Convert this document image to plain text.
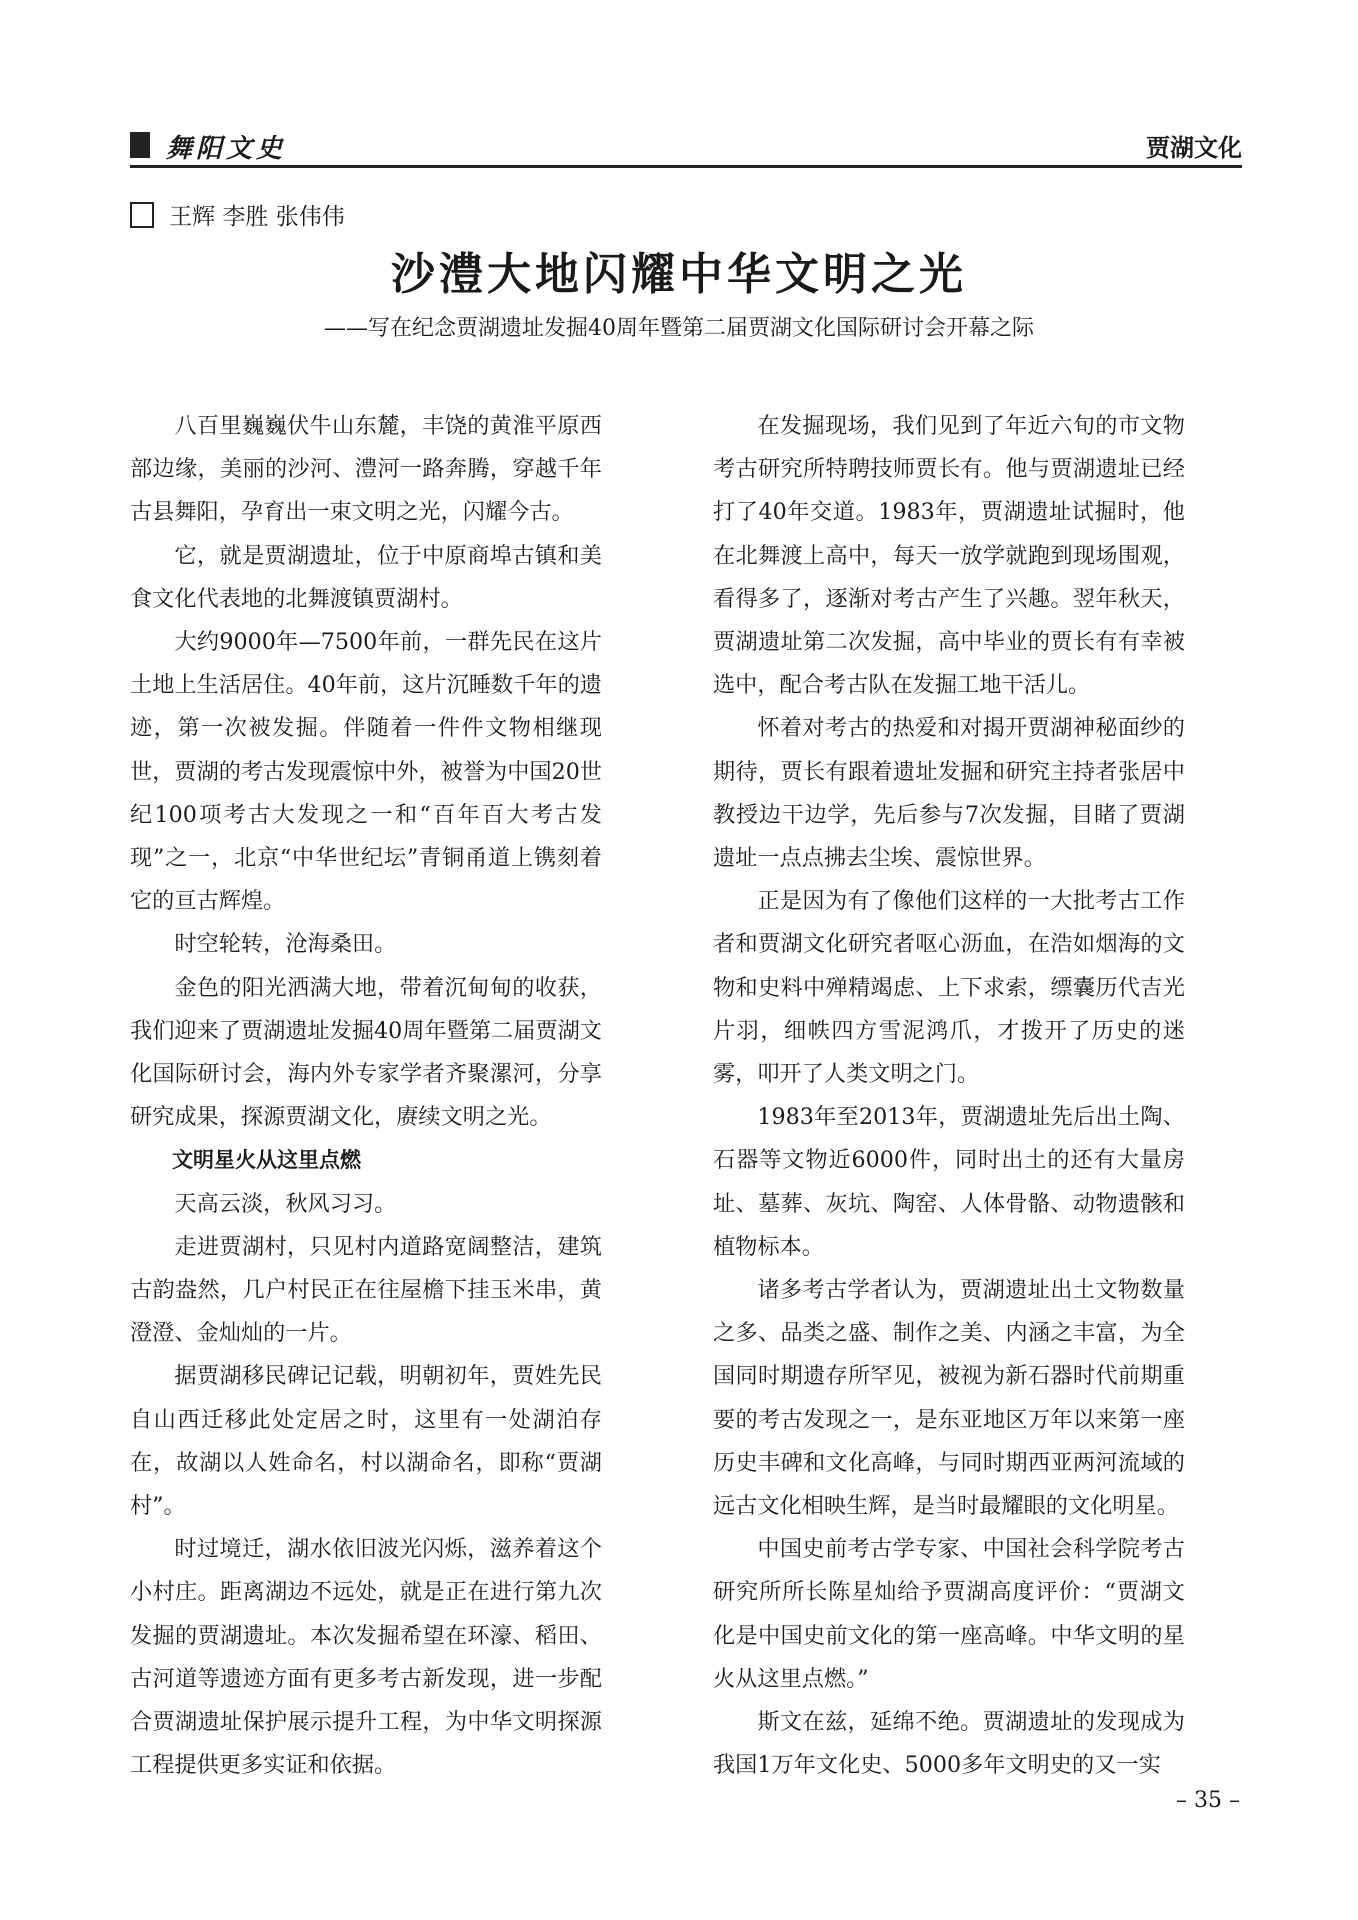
舞阳文史	贾湖文化
王辉 李胜 张伟伟
沙澧大地闪耀中华文明之光
——写在纪念贾湖遗址发掘40周年暨第二届贾湖文化国际研讨会开幕之际

八百里巍巍伏牛山东麓，丰饶的黄淮平原西部边缘，美丽的沙河、澧河一路奔腾，穿越千年古县舞阳，孕育出一束文明之光，闪耀今古。

它，就是贾湖遗址，位于中原商埠古镇和美食文化代表地的北舞渡镇贾湖村。

大约9000年—7500年前，一群先民在这片土地上生活居住。40年前，这片沉睡数千年的遗迹，第一次被发掘。伴随着一件件文物相继现世，贾湖的考古发现震惊中外，被誉为中国20世纪100项考古大发现之一和“百年百大考古发现”之一，北京“中华世纪坛”青铜甬道上镌刻着它的亘古辉煌。

时空轮转，沧海桑田。

金色的阳光洒满大地，带着沉甸甸的收获，我们迎来了贾湖遗址发掘40周年暨第二届贾湖文化国际研讨会，海内外专家学者齐聚漯河，分享研究成果，探源贾湖文化，赓续文明之光。

文明星火从这里点燃

天高云淡，秋风习习。

走进贾湖村，只见村内道路宽阔整洁，建筑古韵盎然，几户村民正在往屋檐下挂玉米串，黄澄澄、金灿灿的一片。

据贾湖移民碑记记载，明朝初年，贾姓先民自山西迁移此处定居之时，这里有一处湖泊存在，故湖以人姓命名，村以湖命名，即称“贾湖村”。

时过境迁，湖水依旧波光闪烁，滋养着这个小村庄。距离湖边不远处，就是正在进行第九次发掘的贾湖遗址。本次发掘希望在环濠、稻田、古河道等遗迹方面有更多考古新发现，进一步配合贾湖遗址保护展示提升工程，为中华文明探源工程提供更多实证和依据。

在发掘现场，我们见到了年近六旬的市文物考古研究所特聘技师贾长有。他与贾湖遗址已经打了40年交道。1983年，贾湖遗址试掘时，他在北舞渡上高中，每天一放学就跑到现场围观，看得多了，逐渐对考古产生了兴趣。翌年秋天，贾湖遗址第二次发掘，高中毕业的贾长有有幸被选中，配合考古队在发掘工地干活儿。

怀着对考古的热爱和对揭开贾湖神秘面纱的期待，贾长有跟着遗址发掘和研究主持者张居中教授边干边学，先后参与7次发掘，目睹了贾湖遗址一点点拂去尘埃、震惊世界。

正是因为有了像他们这样的一大批考古工作者和贾湖文化研究者呕心沥血，在浩如烟海的文物和史料中殚精竭虑、上下求索，缥囊历代吉光片羽，细帙四方雪泥鸿爪，才拨开了历史的迷雾，叩开了人类文明之门。

1983年至2013年，贾湖遗址先后出土陶、石器等文物近6000件，同时出土的还有大量房址、墓葬、灰坑、陶窑、人体骨骼、动物遗骸和植物标本。

诸多考古学者认为，贾湖遗址出土文物数量之多、品类之盛、制作之美、内涵之丰富，为全国同时期遗存所罕见，被视为新石器时代前期重要的考古发现之一，是东亚地区万年以来第一座历史丰碑和文化高峰，与同时期西亚两河流域的远古文化相映生辉，是当时最耀眼的文化明星。

中国史前考古学专家、中国社会科学院考古研究所所长陈星灿给予贾湖高度评价：“贾湖文化是中国史前文化的第一座高峰。中华文明的星火从这里点燃。”

斯文在兹，延绵不绝。贾湖遗址的发现成为我国1万年文化史、5000多年文明史的又一实

– 35 –
